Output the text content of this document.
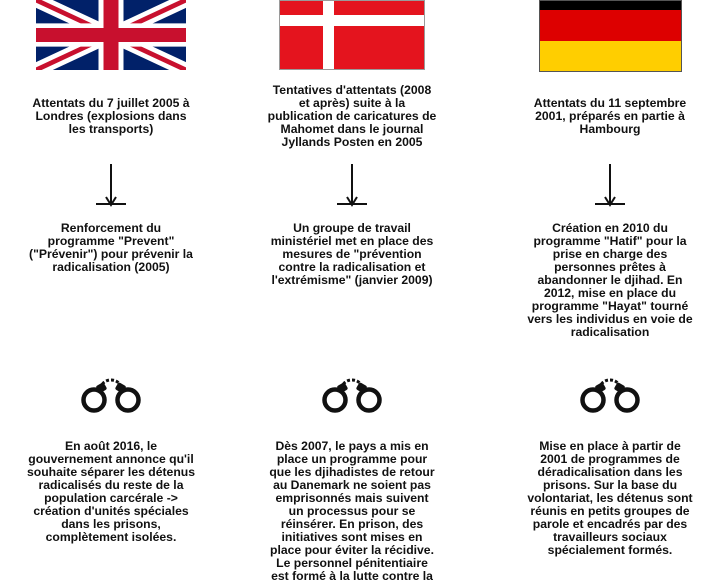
Attentats du 7 juillet 2005 à
Londres (explosions dans
les transports)
Renforcement du
programme "Prevent"
("Prévenir") pour prévenir la
radicalisation (2005)
En août 2016, le
gouvernement annonce qu'il
souhaite séparer les détenus
radicalisés du reste de la
population carcérale ->
création d'unités spéciales
dans les prisons,
complètement isolées.
Tentatives d'attentats (2008
et après) suite à la
publication de caricatures de
Mahomet dans le journal
Jyllands Posten en 2005
Un groupe de travail
ministériel met en place des
mesures de "prévention
contre la radicalisation et
l'extrémisme" (janvier 2009)
Dès 2007, le pays a mis en
place un programme pour
que les djihadistes de retour
au Danemark ne soient pas
emprisonnés mais suivent
un processus pour se
réinsérer. En prison, des
initiatives sont mises en
place pour éviter la récidive.
Le personnel pénitentiaire
est formé à la lutte contre la
Attentats du 11 septembre
2001, préparés en partie à
Hambourg
Création en 2010 du
programme "Hatif" pour la
prise en charge des
personnes prêtes à
abandonner le djihad. En
2012, mise en place du
programme "Hayat" tourné
vers les individus en voie de
radicalisation
Mise en place à partir de
2001 de programmes de
déradicalisation dans les
prisons. Sur la base du
volontariat, les détenus sont
réunis en petits groupes de
parole et encadrés par des
travailleurs sociaux
spécialement formés.
